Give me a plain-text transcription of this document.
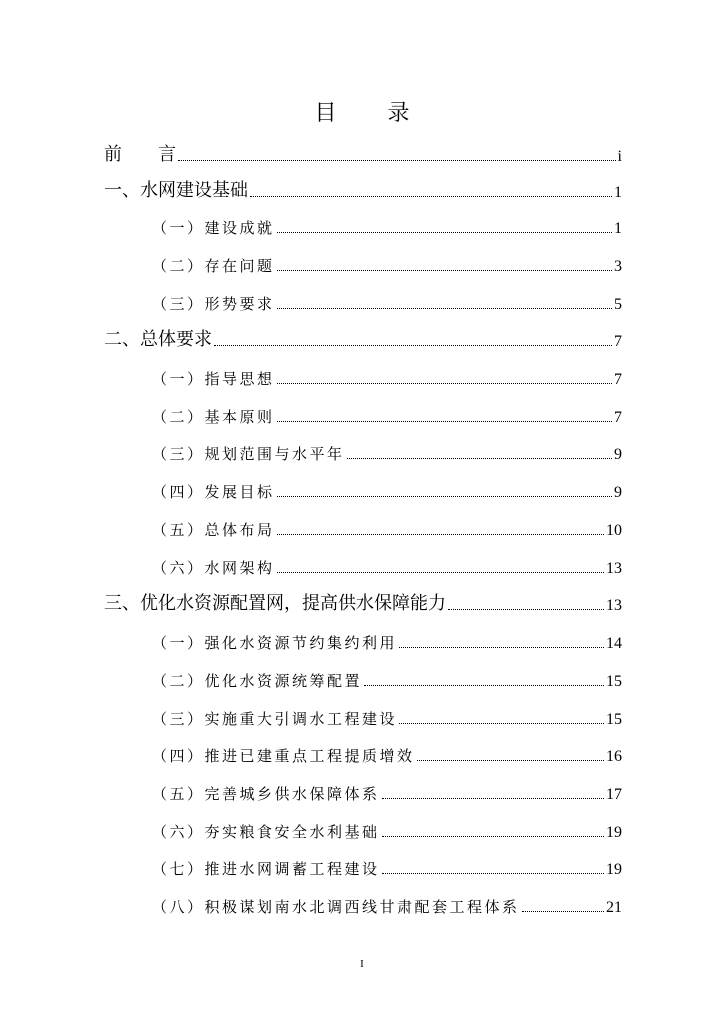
目 录
前　　言	i
一、水网建设基础	1
（一）建设成就	1
（二）存在问题	3
（三）形势要求	5
二、总体要求	7
（一）指导思想	7
（二）基本原则	7
（三）规划范围与水平年	9
（四）发展目标	9
（五）总体布局	10
（六）水网架构	13
三、优化水资源配置网，提高供水保障能力	13
（一）强化水资源节约集约利用	14
（二）优化水资源统筹配置	15
（三）实施重大引调水工程建设	15
（四）推进已建重点工程提质增效	16
（五）完善城乡供水保障体系	17
（六）夯实粮食安全水利基础	19
（七）推进水网调蓄工程建设	19
（八）积极谋划南水北调西线甘肃配套工程体系	21
I
